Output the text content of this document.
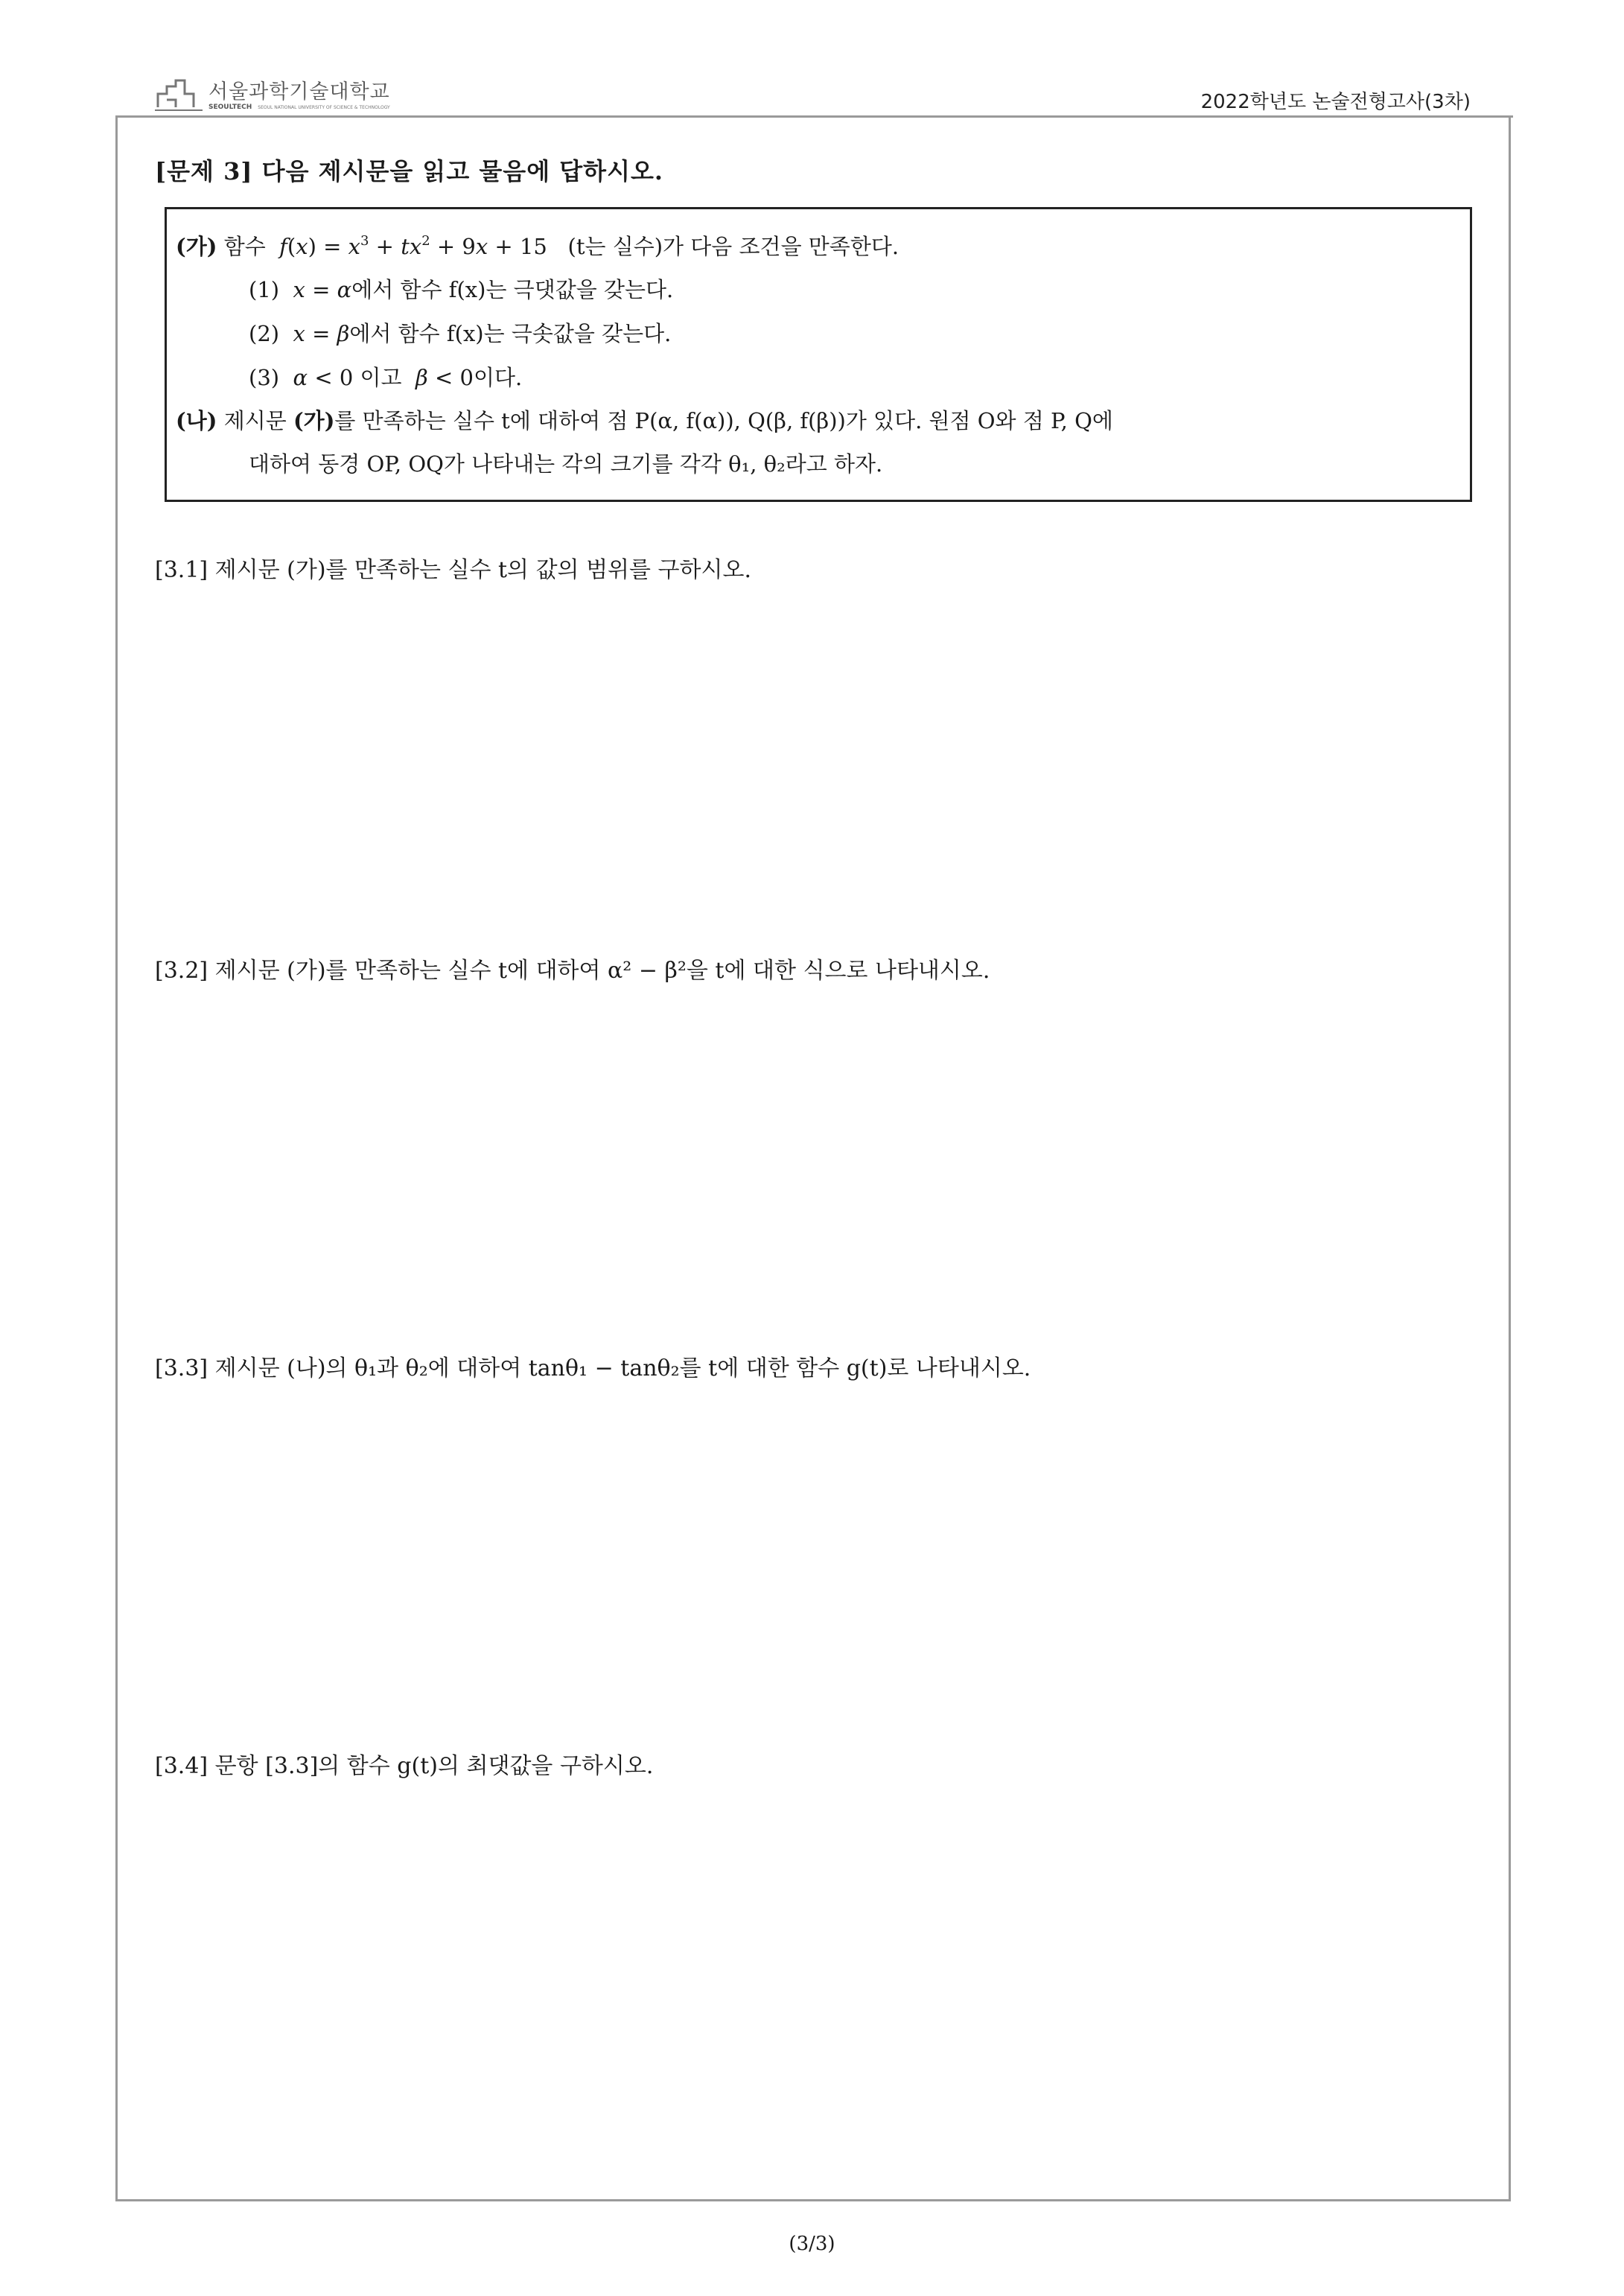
서울과학기술대학교
SEOULTECH SEOUL NATIONAL UNIVERSITY OF SCIENCE & TECHNOLOGY	2022학년도 논술전형고사(3차)
[문제 3] 다음 제시문을 읽고 물음에 답하시오.
(가) 함수 $f(x) = x^3 + tx^2 + 9x + 15$   (t는 실수)가 다음 조건을 만족한다.
(1) x = α에서 함수 f(x)는 극댓값을 갖는다.
(2) x = β에서 함수 f(x)는 극솟값을 갖는다.
(3) α < 0 이고  β < 0이다.
(나) 제시문 (가)를 만족하는 실수 t에 대하여 점 P(α, f(α)), Q(β, f(β))가 있다. 원점 O와 점 P, Q에
대하여 동경 OP, OQ가 나타내는 각의 크기를 각각 θ₁, θ₂라고 하자.
[3.1] 제시문 (가)를 만족하는 실수 t의 값의 범위를 구하시오.
[3.2] 제시문 (가)를 만족하는 실수 t에 대하여 α² − β²을 t에 대한 식으로 나타내시오.
[3.3] 제시문 (나)의 θ₁과 θ₂에 대하여 tanθ₁ − tanθ₂를 t에 대한 함수 g(t)로 나타내시오.
[3.4] 문항 [3.3]의 함수 g(t)의 최댓값을 구하시오.
(3/3)
